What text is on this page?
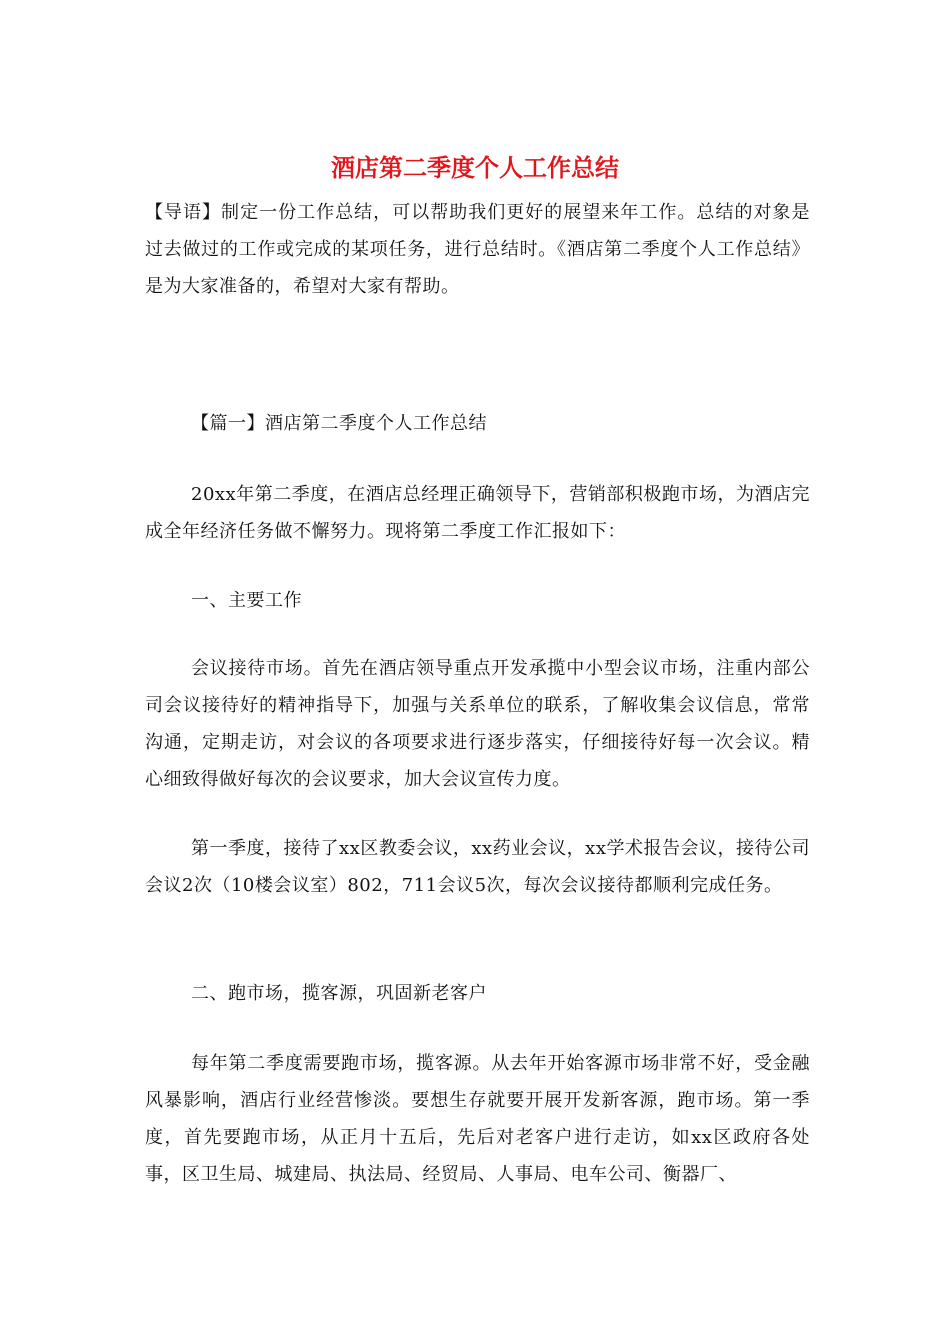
酒店第二季度个人工作总结
【导语】制定一份工作总结，可以帮助我们更好的展望来年工作。总结的对象是过去做过的工作或完成的某项任务，进行总结时。《酒店第二季度个人工作总结》是为大家准备的，希望对大家有帮助。
【篇一】酒店第二季度个人工作总结
20xx年第二季度，在酒店总经理正确领导下，营销部积极跑市场，为酒店完成全年经济任务做不懈努力。现将第二季度工作汇报如下：
一、主要工作
会议接待市场。首先在酒店领导重点开发承揽中小型会议市场，注重内部公司会议接待好的精神指导下，加强与关系单位的联系，了解收集会议信息，常常沟通，定期走访，对会议的各项要求进行逐步落实，仔细接待好每一次会议。精心细致得做好每次的会议要求，加大会议宣传力度。
第一季度，接待了xx区教委会议，xx药业会议，xx学术报告会议，接待公司会议2次（10楼会议室）802，711会议5次，每次会议接待都顺利完成任务。
二、跑市场，揽客源，巩固新老客户
每年第二季度需要跑市场，揽客源。从去年开始客源市场非常不好，受金融风暴影响，酒店行业经营惨淡。要想生存就要开展开发新客源，跑市场。第一季度，首先要跑市场，从正月十五后，先后对老客户进行走访，如xx区政府各处事，区卫生局、城建局、执法局、经贸局、人事局、电车公司、衡器厂、
